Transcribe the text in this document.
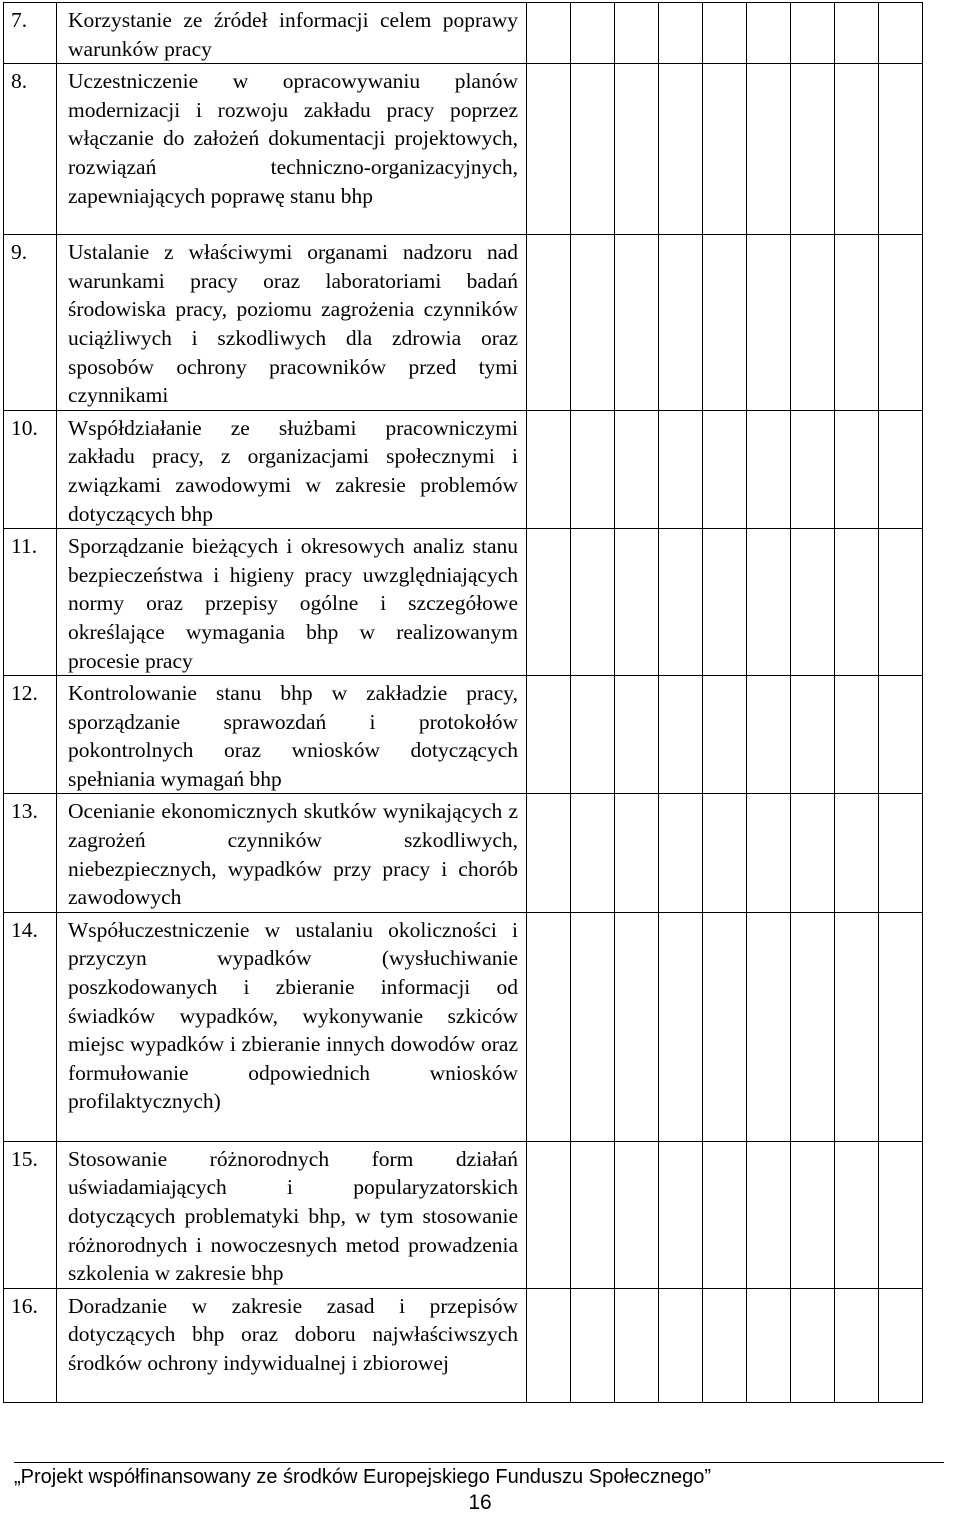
7.	Korzystanie ze źródeł informacji celem poprawy warunków pracy									

8.	Uczestniczenie w opracowywaniu planów modernizacji i rozwoju zakładu pracy poprzez włączanie do założeń dokumentacji projektowych, rozwiązań techniczno-organizacyjnych, zapewniających poprawę stanu bhp									

9.	Ustalanie z właściwymi organami nadzoru nad warunkami pracy oraz laboratoriami badań środowiska pracy, poziomu zagrożenia czynników uciążliwych i szkodliwych dla zdrowia oraz sposobów ochrony pracowników przed tymi czynnikami									

10.	Współdziałanie ze służbami pracowniczymi zakładu pracy, z organizacjami społecznymi i związkami zawodowymi w zakresie problemów dotyczących bhp									

11.	Sporządzanie bieżących i okresowych analiz stanu bezpieczeństwa i higieny pracy uwzględniających normy oraz przepisy ogólne i szczegółowe określające wymagania bhp w realizowanym procesie pracy									

12.	Kontrolowanie stanu bhp w zakładzie pracy, sporządzanie sprawozdań i protokołów pokontrolnych oraz wniosków dotyczących spełniania wymagań bhp									

13.	Ocenianie ekonomicznych skutków wynikających z zagrożeń czynników szkodliwych, niebezpiecznych, wypadków przy pracy i chorób zawodowych									

14.	Współuczestniczenie w ustalaniu okoliczności i przyczyn wypadków (wysłuchiwanie poszkodowanych i zbieranie informacji od świadków wypadków, wykonywanie szkiców miejsc wypadków i zbieranie innych dowodów oraz formułowanie odpowiednich wniosków profilaktycznych)									

15.	Stosowanie różnorodnych form działań uświadamiających i popularyzatorskich dotyczących problematyki bhp, w tym stosowanie różnorodnych i nowoczesnych metod prowadzenia szkolenia w zakresie bhp									

16.	Doradzanie w zakresie zasad i przepisów dotyczących bhp oraz doboru najwłaściwszych środków ochrony indywidualnej i zbiorowej									

„Projekt współfinansowany ze środków Europejskiego Funduszu Społecznego”
16
